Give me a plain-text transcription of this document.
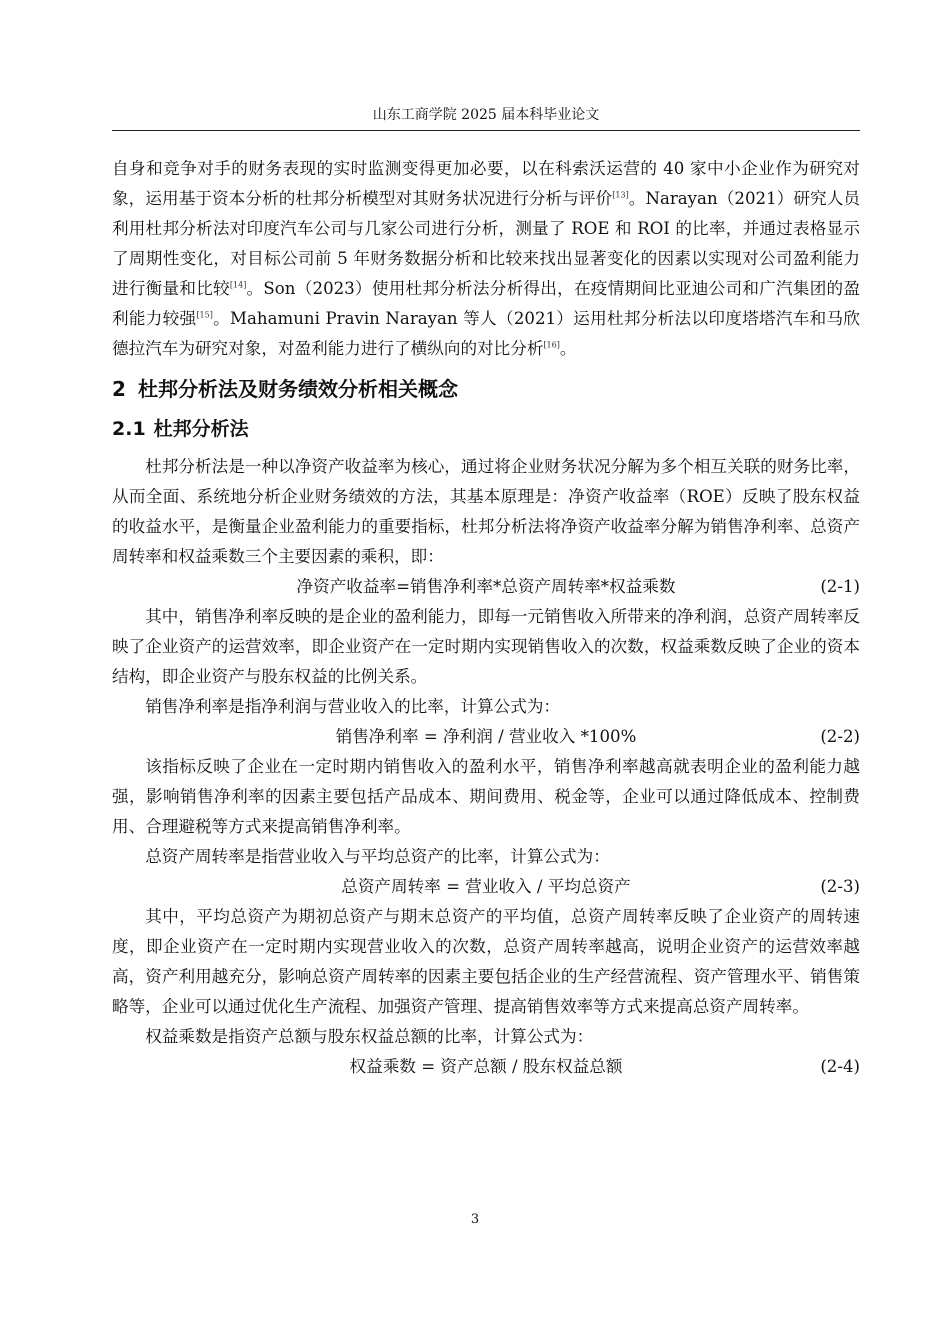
山东工商学院 2025 届本科毕业论文

自身和竞争对手的财务表现的实时监测变得更加必要，以在科索沃运营的 40 家中小企业作为研究对象，运用基于资本分析的杜邦分析模型对其财务状况进行分析与评价[13]。Narayan（2021）研究人员利用杜邦分析法对印度汽车公司与几家公司进行分析，测量了 ROE 和 ROI 的比率，并通过表格显示了周期性变化，对目标公司前 5 年财务数据分析和比较来找出显著变化的因素以实现对公司盈利能力进行衡量和比较[14]。Son（2023）使用杜邦分析法分析得出，在疫情期间比亚迪公司和广汽集团的盈利能力较强[15]。Mahamuni Pravin Narayan 等人（2021）运用杜邦分析法以印度塔塔汽车和马欣德拉汽车为研究对象，对盈利能力进行了横纵向的对比分析[16]。

2 杜邦分析法及财务绩效分析相关概念
2.1 杜邦分析法

杜邦分析法是一种以净资产收益率为核心，通过将企业财务状况分解为多个相互关联的财务比率，从而全面、系统地分析企业财务绩效的方法，其基本原理是：净资产收益率（ROE）反映了股东权益的收益水平，是衡量企业盈利能力的重要指标，杜邦分析法将净资产收益率分解为销售净利率、总资产周转率和权益乘数三个主要因素的乘积，即：

净资产收益率=销售净利率*总资产周转率*权益乘数	(2-1)

其中，销售净利率反映的是企业的盈利能力，即每一元销售收入所带来的净利润，总资产周转率反映了企业资产的运营效率，即企业资产在一定时期内实现销售收入的次数，权益乘数反映了企业的资本结构，即企业资产与股东权益的比例关系。

销售净利率是指净利润与营业收入的比率，计算公式为：

销售净利率 = 净利润 / 营业收入 *100%	(2-2)

该指标反映了企业在一定时期内销售收入的盈利水平，销售净利率越高就表明企业的盈利能力越强，影响销售净利率的因素主要包括产品成本、期间费用、税金等，企业可以通过降低成本、控制费用、合理避税等方式来提高销售净利率。

总资产周转率是指营业收入与平均总资产的比率，计算公式为：

总资产周转率 = 营业收入 / 平均总资产	(2-3)

其中，平均总资产为期初总资产与期末总资产的平均值，总资产周转率反映了企业资产的周转速度，即企业资产在一定时期内实现营业收入的次数，总资产周转率越高，说明企业资产的运营效率越高，资产利用越充分，影响总资产周转率的因素主要包括企业的生产经营流程、资产管理水平、销售策略等，企业可以通过优化生产流程、加强资产管理、提高销售效率等方式来提高总资产周转率。

权益乘数是指资产总额与股东权益总额的比率，计算公式为：

权益乘数 = 资产总额 / 股东权益总额	(2-4)
3
